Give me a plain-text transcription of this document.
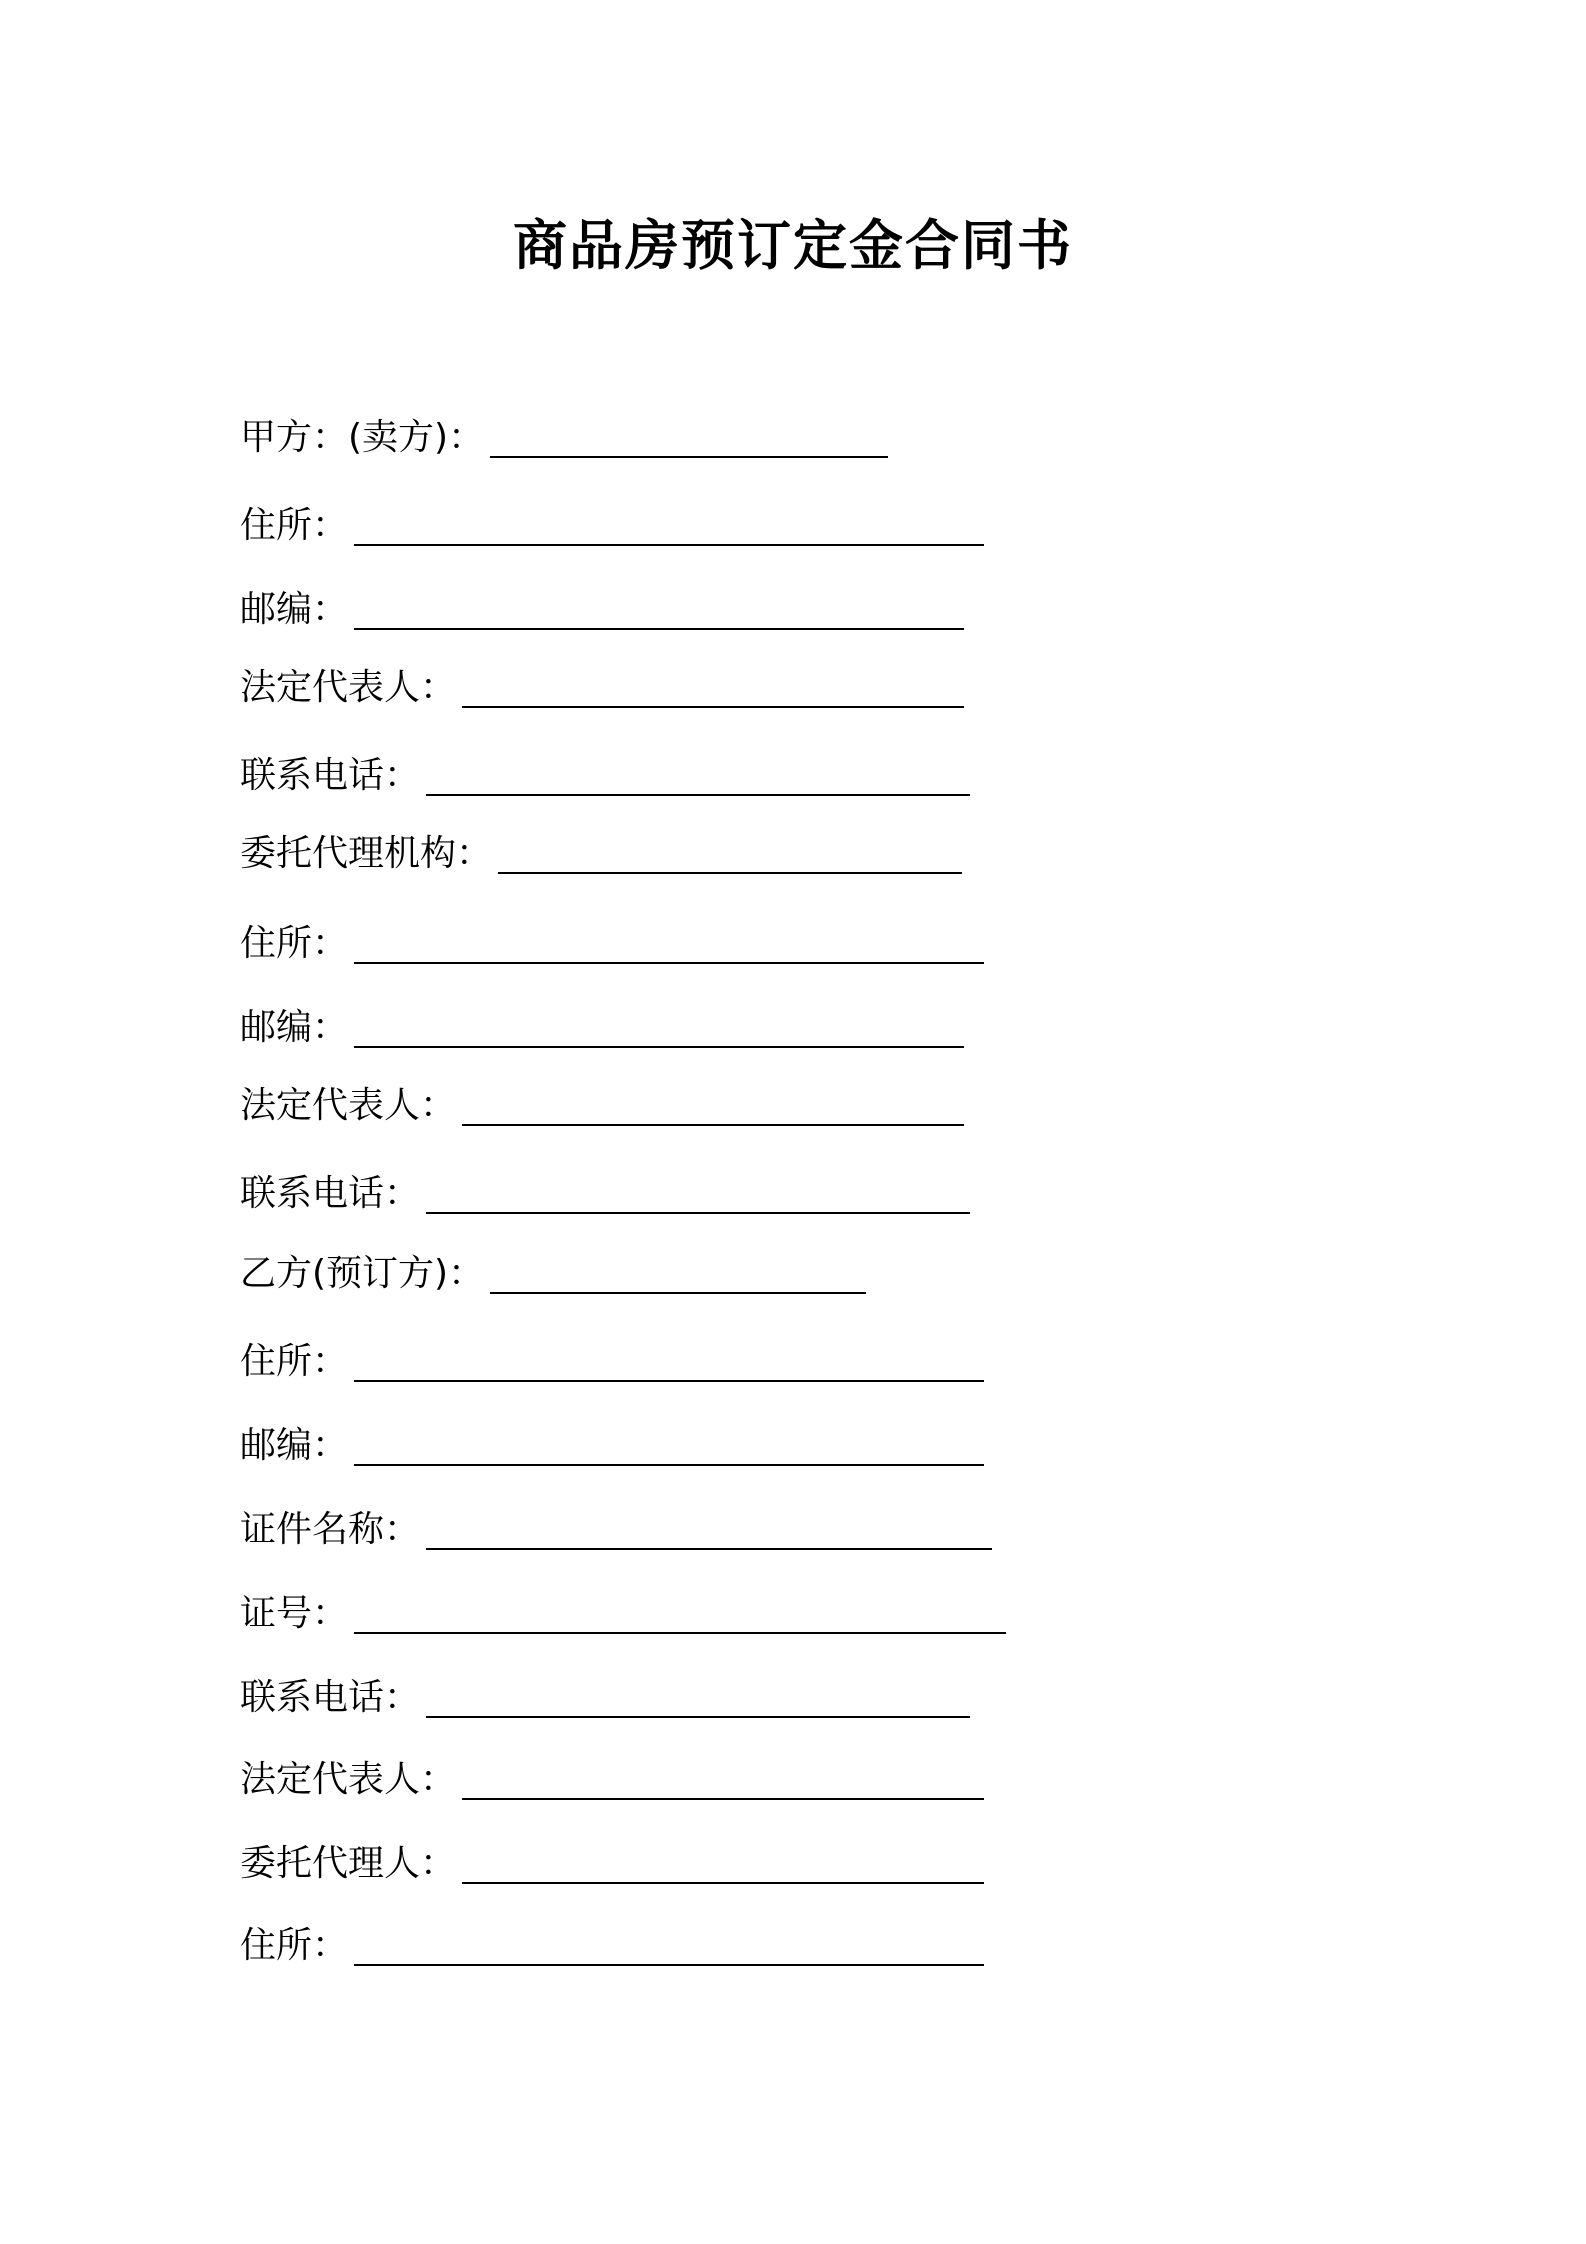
商品房预订定金合同书
甲方：(卖方)：
住所：
邮编：
法定代表人：
联系电话：
委托代理机构：
住所：
邮编：
法定代表人：
联系电话：
乙方(预订方)：
住所：
邮编：
证件名称：
证号：
联系电话：
法定代表人：
委托代理人：
住所：
